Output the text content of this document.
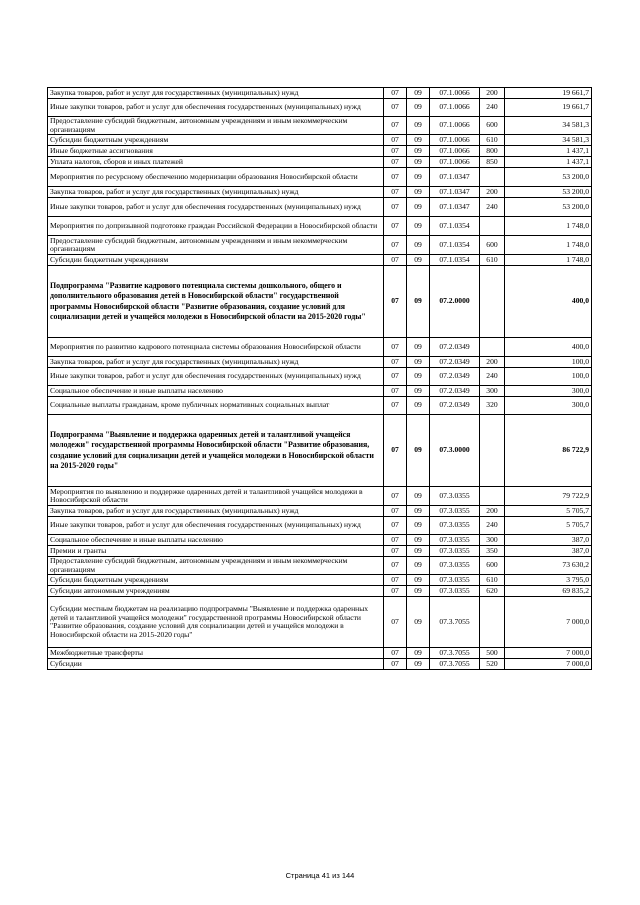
Закупка товаров, работ и услуг для государственных (муниципальных) нужд	07	09	07.1.0066	200	19 661,7
Иные закупки товаров, работ и услуг для обеспечения государственных (муниципальных) нужд	07	09	07.1.0066	240	19 661,7
Предоставление субсидий бюджетным, автономным учреждениям и иным некоммерческим организациям	07	09	07.1.0066	600	34 581,3
Субсидии бюджетным учреждениям	07	09	07.1.0066	610	34 581,3
Иные бюджетные ассигнования	07	09	07.1.0066	800	1 437,1
Уплата налогов, сборов и иных платежей	07	09	07.1.0066	850	1 437,1
Мероприятия по ресурсному обеспечению модернизации образования Новосибирской области	07	09	07.1.0347		53 200,0
Закупка товаров, работ и услуг для государственных (муниципальных) нужд	07	09	07.1.0347	200	53 200,0
Иные закупки товаров, работ и услуг для обеспечения государственных (муниципальных) нужд	07	09	07.1.0347	240	53 200,0
Мероприятия по допризывной подготовке граждан Российской Федерации в Новосибирской области	07	09	07.1.0354		1 748,0
Предоставление субсидий бюджетным, автономным учреждениям и иным некоммерческим организациям	07	09	07.1.0354	600	1 748,0
Субсидии бюджетным учреждениям	07	09	07.1.0354	610	1 748,0
Подпрограмма "Развитие кадрового потенциала системы дошкольного, общего и дополнительного образования детей в Новосибирской области" государственной программы Новосибирской области "Развитие образования, создание условий для социализации детей и учащейся молодежи в Новосибирской области на 2015-2020 годы"	07	09	07.2.0000		400,0
Мероприятия по развитию кадрового потенциала системы образования Новосибирской области	07	09	07.2.0349		400,0
Закупка товаров, работ и услуг для государственных (муниципальных) нужд	07	09	07.2.0349	200	100,0
Иные закупки товаров, работ и услуг для обеспечения государственных (муниципальных) нужд	07	09	07.2.0349	240	100,0
Социальное обеспечение и иные выплаты населению	07	09	07.2.0349	300	300,0
Социальные выплаты гражданам, кроме публичных нормативных социальных выплат	07	09	07.2.0349	320	300,0
Подпрограмма "Выявление и поддержка одаренных детей и талантливой учащейся молодежи" государственной программы Новосибирской области "Развитие образования, создание условий для социализации детей и учащейся молодежи в Новосибирской области на 2015-2020 годы"	07	09	07.3.0000		86 722,9
Мероприятия по выявлению и поддержке одаренных детей и талантливой учащейся молодежи в Новосибирской области	07	09	07.3.0355		79 722,9
Закупка товаров, работ и услуг для государственных (муниципальных) нужд	07	09	07.3.0355	200	5 705,7
Иные закупки товаров, работ и услуг для обеспечения государственных (муниципальных) нужд	07	09	07.3.0355	240	5 705,7
Социальное обеспечение и иные выплаты населению	07	09	07.3.0355	300	387,0
Премии и гранты	07	09	07.3.0355	350	387,0
Предоставление субсидий бюджетным, автономным учреждениям и иным некоммерческим организациям	07	09	07.3.0355	600	73 630,2
Субсидии бюджетным учреждениям	07	09	07.3.0355	610	3 795,0
Субсидии автономным учреждениям	07	09	07.3.0355	620	69 835,2
Субсидии местным бюджетам на реализацию подпрограммы "Выявление и поддержка одаренных детей и талантливой учащейся молодежи" государственной программы Новосибирской области "Развитие образования, создание условий для социализации детей и учащейся молодежи в Новосибирской области на 2015-2020 годы"	07	09	07.3.7055		7 000,0
Межбюджетные трансферты	07	09	07.3.7055	500	7 000,0
Субсидии	07	09	07.3.7055	520	7 000,0
Страница 41 из 144
